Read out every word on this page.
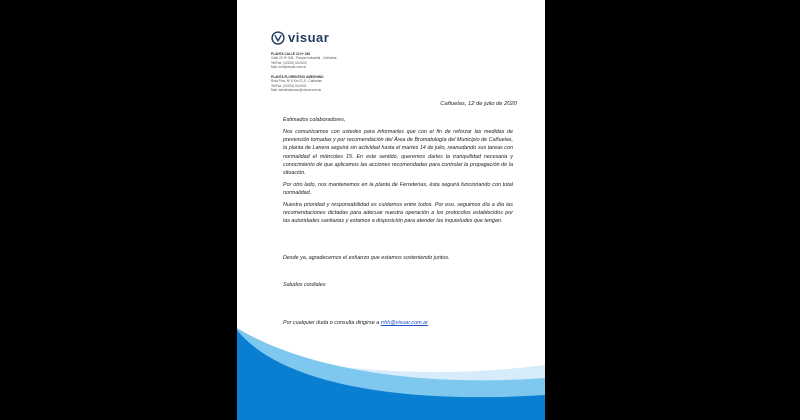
visuar
PLANTA CALLE 22 Nº 345
Calle 22 Nº 345 - Parque Industrial - Cañuelas
Tel/Fax: (02226) 43-0000
Mail: info@visuar.com.ar
PLANTA FLORENTINO AMEGHINO
Ruta Prov. Nº 6 Km 21,5 - Cañuelas
Tel/Fax: (02226) 43-0001
Mail: administracion@visuar.com.ar
Cañuelas, 12 de julio de 2020
Estimados colaboradores,
Nos comunicamos con ustedes para informarles que con el fin de reforzar las medidas de prevención tomadas y por recomendación del Área de Bromatología del Municipio de Cañuelas, la planta de Lanera seguirá sin actividad hasta el martes 14 de julio, reanudando sus tareas con normalidad el miércoles 15. En este sentido, queremos darles la tranquilidad necesaria y conocimiento de que aplicamos las acciones recomendadas para controlar la propagación de la situación.
Por otro lado, nos mantenemos en la planta de Ferreterías, ésta seguirá funcionando con total normalidad.
Nuestra prioridad y responsabilidad es cuidarnos entre todos. Por eso, seguimos día a día las recomendaciones dictadas para adecuar nuestra operación a los protocolos establecidos por las autoridades sanitarias y estamos a disposición para atender las inquietudes que tengan.
Desde ya, agradecemos el esfuerzo que estamos sosteniendo juntos.
Saludos cordiales
Por cualquier duda o consulta dirigirse a rrhh@visuar.com.ar
